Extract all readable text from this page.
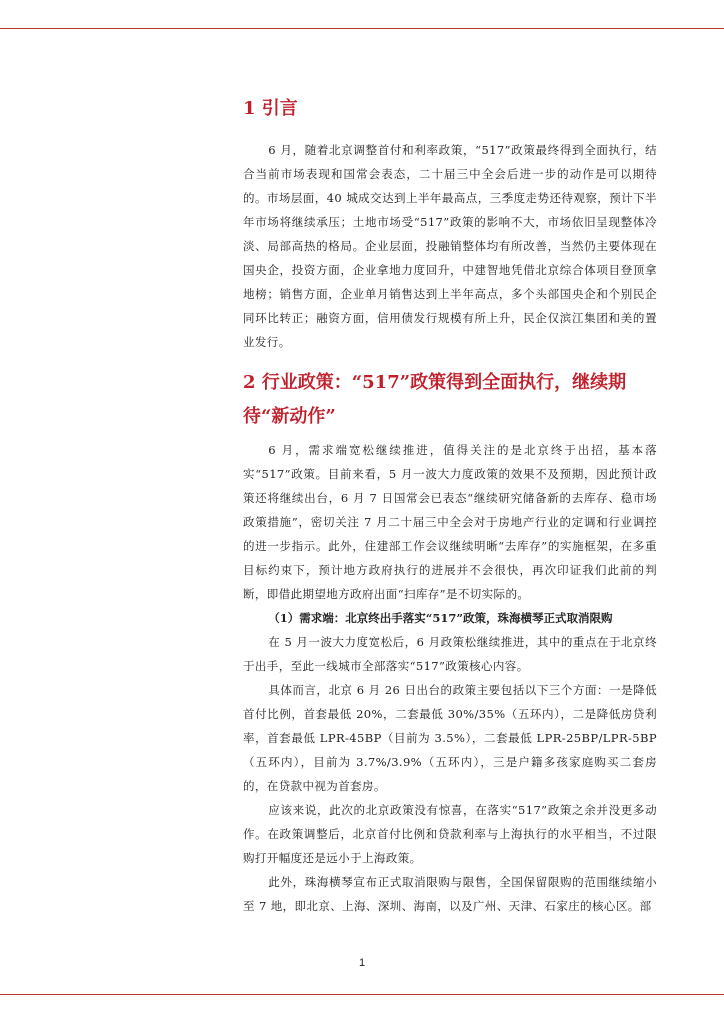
1 引言

6 月，随着北京调整首付和利率政策，“517”政策最终得到全面执行，结合当前市场表现和国常会表态，二十届三中全会后进一步的动作是可以期待的。市场层面，40 城成交达到上半年最高点，三季度走势还待观察，预计下半年市场将继续承压；土地市场受“517”政策的影响不大，市场依旧呈现整体冷淡、局部高热的格局。企业层面，投融销整体均有所改善，当然仍主要体现在国央企，投资方面，企业拿地力度回升，中建智地凭借北京综合体项目登顶拿地榜；销售方面，企业单月销售达到上半年高点，多个头部国央企和个别民企同环比转正；融资方面，信用债发行规模有所上升，民企仅滨江集团和美的置业发行。

2 行业政策：“517”政策得到全面执行，继续期待“新动作”

6 月，需求端宽松继续推进，值得关注的是北京终于出招，基本落实“517”政策。目前来看，5 月一波大力度政策的效果不及预期，因此预计政策还将继续出台，6 月 7 日国常会已表态“继续研究储备新的去库存、稳市场政策措施”，密切关注 7 月二十届三中全会对于房地产行业的定调和行业调控的进一步指示。此外，住建部工作会议继续明晰“去库存”的实施框架，在多重目标约束下，预计地方政府执行的进展并不会很快，再次印证我们此前的判断，即借此期望地方政府出面“扫库存”是不切实际的。

（1）需求端：北京终出手落实“517”政策，珠海横琴正式取消限购

在 5 月一波大力度宽松后，6 月政策松继续推进，其中的重点在于北京终于出手，至此一线城市全部落实“517”政策核心内容。

具体而言，北京 6 月 26 日出台的政策主要包括以下三个方面：一是降低首付比例，首套最低 20%，二套最低 30%/35%（五环内），二是降低房贷利率，首套最低 LPR-45BP（目前为 3.5%），二套最低 LPR-25BP/LPR-5BP（五环内），目前为 3.7%/3.9%（五环内），三是户籍多孩家庭购买二套房的，在贷款中视为首套房。

应该来说，此次的北京政策没有惊喜，在落实“517”政策之余并没更多动作。在政策调整后，北京首付比例和贷款利率与上海执行的水平相当，不过限购打开幅度还是远小于上海政策。

此外，珠海横琴宣布正式取消限购与限售，全国保留限购的范围继续缩小至 7 地，即北京、上海、深圳、海南，以及广州、天津、石家庄的核心区。部

1
